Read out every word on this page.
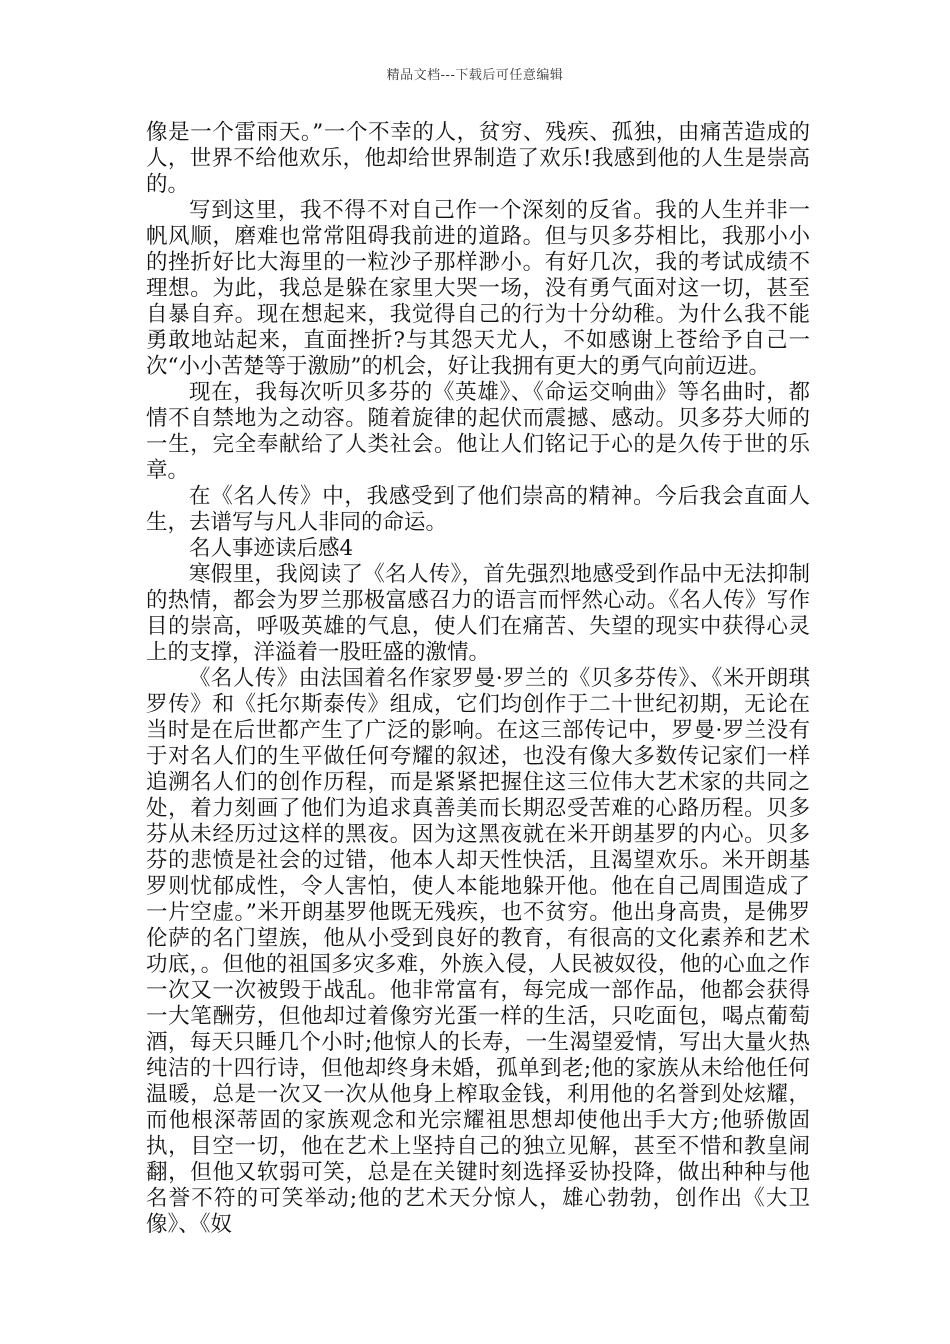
精品文档---下载后可任意编辑

像是一个雷雨天。”一个不幸的人，贫穷、残疾、孤独，由痛苦造成的人，世界不给他欢乐，他却给世界制造了欢乐!我感到他的人生是崇高的。

写到这里，我不得不对自己作一个深刻的反省。我的人生并非一帆风顺，磨难也常常阻碍我前进的道路。但与贝多芬相比，我那小小的挫折好比大海里的一粒沙子那样渺小。有好几次，我的考试成绩不理想。为此，我总是躲在家里大哭一场，没有勇气面对这一切，甚至自暴自弃。现在想起来，我觉得自己的行为十分幼稚。为什么我不能勇敢地站起来，直面挫折?与其怨天尤人，不如感谢上苍给予自己一次“小小苦楚等于激励”的机会，好让我拥有更大的勇气向前迈进。

现在，我每次听贝多芬的《英雄》、《命运交响曲》等名曲时，都情不自禁地为之动容。随着旋律的起伏而震撼、感动。贝多芬大师的一生，完全奉献给了人类社会。他让人们铭记于心的是久传于世的乐章。

在《名人传》中，我感受到了他们崇高的精神。今后我会直面人生，去谱写与凡人非同的命运。

名人事迹读后感4

寒假里，我阅读了《名人传》，首先强烈地感受到作品中无法抑制的热情，都会为罗兰那极富感召力的语言而怦然心动。《名人传》写作目的崇高，呼吸英雄的气息，使人们在痛苦、失望的现实中获得心灵上的支撑，洋溢着一股旺盛的激情。

《名人传》由法国着名作家罗曼·罗兰的《贝多芬传》、《米开朗琪罗传》和《托尔斯泰传》组成，它们均创作于二十世纪初期，无论在当时是在后世都产生了广泛的影响。在这三部传记中，罗曼·罗兰没有于对名人们的生平做任何夸耀的叙述，也没有像大多数传记家们一样追溯名人们的创作历程，而是紧紧把握住这三位伟大艺术家的共同之处，着力刻画了他们为追求真善美而长期忍受苦难的心路历程。贝多芬从未经历过这样的黑夜。因为这黑夜就在米开朗基罗的内心。贝多芬的悲愤是社会的过错，他本人却天性快活，且渴望欢乐。米开朗基罗则忧郁成性，令人害怕，使人本能地躲开他。他在自己周围造成了一片空虚。”米开朗基罗他既无残疾，也不贫穷。他出身高贵，是佛罗伦萨的名门望族，他从小受到良好的教育，有很高的文化素养和艺术功底，。但他的祖国多灾多难，外族入侵，人民被奴役，他的心血之作一次又一次被毁于战乱。他非常富有，每完成一部作品，他都会获得一大笔酬劳，但他却过着像穷光蛋一样的生活，只吃面包，喝点葡萄酒，每天只睡几个小时;他惊人的长寿，一生渴望爱情，写出大量火热纯洁的十四行诗，但他却终身未婚，孤单到老;他的家族从未给他任何温暖，总是一次又一次从他身上榨取金钱，利用他的名誉到处炫耀，而他根深蒂固的家族观念和光宗耀祖思想却使他出手大方;他骄傲固执，目空一切，他在艺术上坚持自己的独立见解，甚至不惜和教皇闹翻，但他又软弱可笑，总是在关键时刻选择妥协投降，做出种种与他名誉不符的可笑举动;他的艺术天分惊人，雄心勃勃，创作出《大卫像》、《奴
